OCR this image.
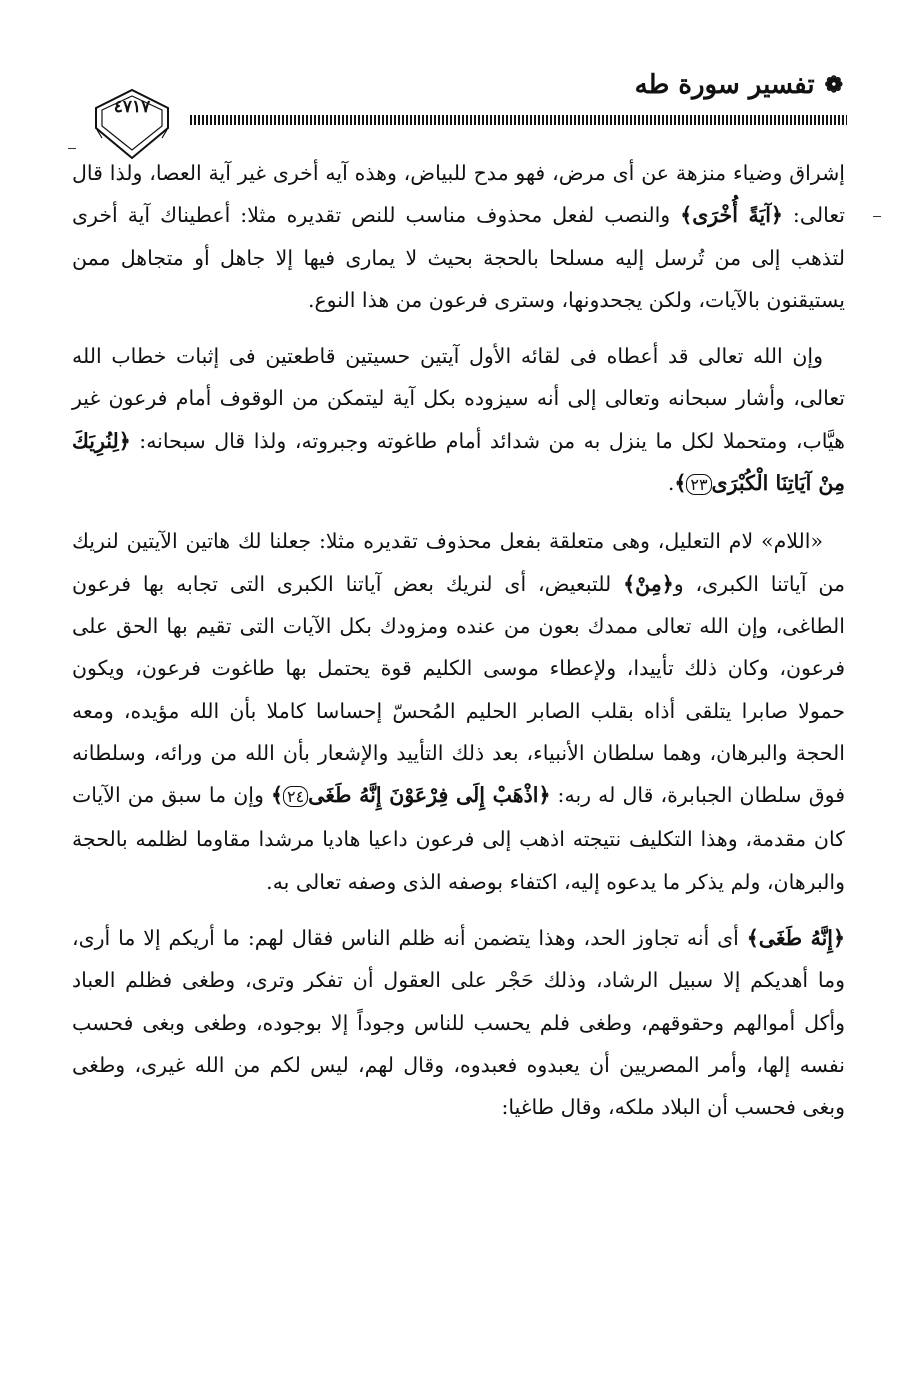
❁
تفسير سورة طه
٤٧١٧

إشراق وضياء منزهة عن أى مرض، فهو مدح للبياض، وهذه آيه أخرى غير آية العصا، ولذا قال تعالى: ﴿آيَةً أُخْرَى﴾ والنصب لفعل محذوف مناسب للنص تقديره مثلا: أعطيناك آية أخرى لتذهب إلى من تُرسل إليه مسلحا بالحجة بحيث لا يمارى فيها إلا جاهل أو متجاهل ممن يستيقنون بالآيات، ولكن يجحدونها، وسترى فرعون من هذا النوع.

وإن الله تعالى قد أعطاه فى لقائه الأول آيتين حسيتين قاطعتين فى إثبات خطاب الله تعالى، وأشار سبحانه وتعالى إلى أنه سيزوده بكل آية ليتمكن من الوقوف أمام فرعون غير هيَّاب، ومتحملا لكل ما ينزل به من شدائد أمام طاغوته وجبروته، ولذا قال سبحانه: ﴿لِنُرِيَكَ مِنْ آيَاتِنَا الْكُبْرَى٢٣﴾.

«اللام» لام التعليل، وهى متعلقة بفعل محذوف تقديره مثلا: جعلنا لك هاتين الآيتين لنريك من آياتنا الكبرى، و﴿مِنْ﴾ للتبعيض، أى لنريك بعض آياتنا الكبرى التى تجابه بها فرعون الطاغى، وإن الله تعالى ممدك بعون من عنده ومزودك بكل الآيات التى تقيم بها الحق على فرعون، وكان ذلك تأييدا، ولإعطاء موسى الكليم قوة يحتمل بها طاغوت فرعون، ويكون حمولا صابرا يتلقى أذاه بقلب الصابر الحليم المُحسّ إحساسا كاملا بأن الله مؤيده، ومعه الحجة والبرهان، وهما سلطان الأنبياء، بعد ذلك التأييد والإشعار بأن الله من ورائه، وسلطانه فوق سلطان الجبابرة، قال له ربه: ﴿اذْهَبْ إِلَى فِرْعَوْنَ إِنَّهُ طَغَى٢٤﴾ وإن ما سبق من الآيات كان مقدمة، وهذا التكليف نتيجته اذهب إلى فرعون داعيا هاديا مرشدا مقاوما لظلمه بالحجة والبرهان، ولم يذكر ما يدعوه إليه، اكتفاء بوصفه الذى وصفه تعالى به.

﴿إِنَّهُ طَغَى﴾ أى أنه تجاوز الحد، وهذا يتضمن أنه ظلم الناس فقال لهم: ما أريكم إلا ما أرى، وما أهديكم إلا سبيل الرشاد، وذلك حَجْر على العقول أن تفكر وترى، وطغى فظلم العباد وأكل أموالهم وحقوقهم، وطغى فلم يحسب للناس وجوداً إلا بوجوده، وطغى وبغى فحسب نفسه إلها، وأمر المصريين أن يعبدوه فعبدوه، وقال لهم، ليس لكم من الله غيرى، وطغى وبغى فحسب أن البلاد ملكه، وقال طاغيا:
